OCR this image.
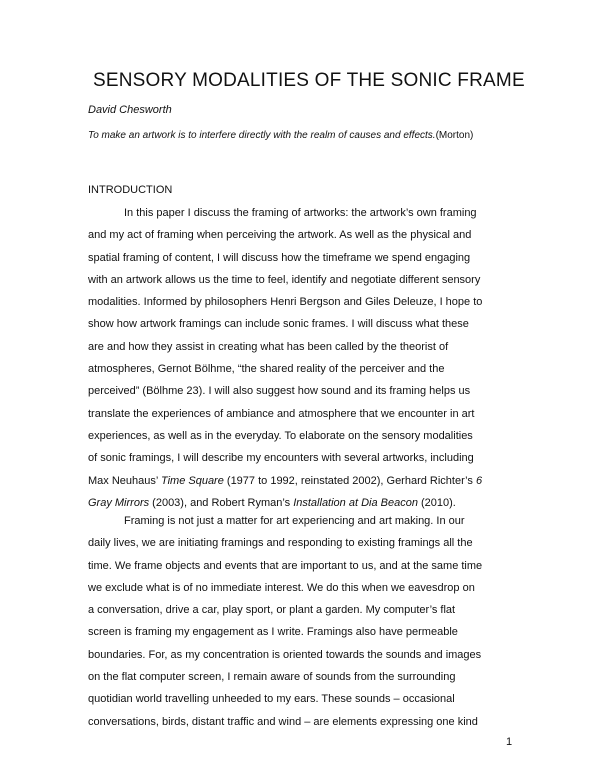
SENSORY MODALITIES OF THE SONIC FRAME
David Chesworth
To make an artwork is to interfere directly with the realm of causes and effects.(Morton)
INTRODUCTION
In this paper I discuss the framing of artworks: the artwork’s own framing
and my act of framing when perceiving the artwork. As well as the physical and
spatial framing of content, I will discuss how the timeframe we spend engaging
with an artwork allows us the time to feel, identify and negotiate different sensory
modalities. Informed by philosophers Henri Bergson and Giles Deleuze, I hope to
show how artwork framings can include sonic frames. I will discuss what these
are and how they assist in creating what has been called by the theorist of
atmospheres, Gernot Bölhme, “the shared reality of the perceiver and the
perceived” (Bölhme 23). I will also suggest how sound and its framing helps us
translate the experiences of ambiance and atmosphere that we encounter in art
experiences, as well as in the everyday. To elaborate on the sensory modalities
of sonic framings, I will describe my encounters with several artworks, including
Max Neuhaus’ Time Square (1977 to 1992, reinstated 2002), Gerhard Richter’s 6
Gray Mirrors (2003), and Robert Ryman’s Installation at Dia Beacon (2010).
Framing is not just a matter for art experiencing and art making. In our
daily lives, we are initiating framings and responding to existing framings all the
time. We frame objects and events that are important to us, and at the same time
we exclude what is of no immediate interest. We do this when we eavesdrop on
a conversation, drive a car, play sport, or plant a garden. My computer’s flat
screen is framing my engagement as I write. Framings also have permeable
boundaries. For, as my concentration is oriented towards the sounds and images
on the flat computer screen, I remain aware of sounds from the surrounding
quotidian world travelling unheeded to my ears. These sounds – occasional
conversations, birds, distant traffic and wind – are elements expressing one kind
1
